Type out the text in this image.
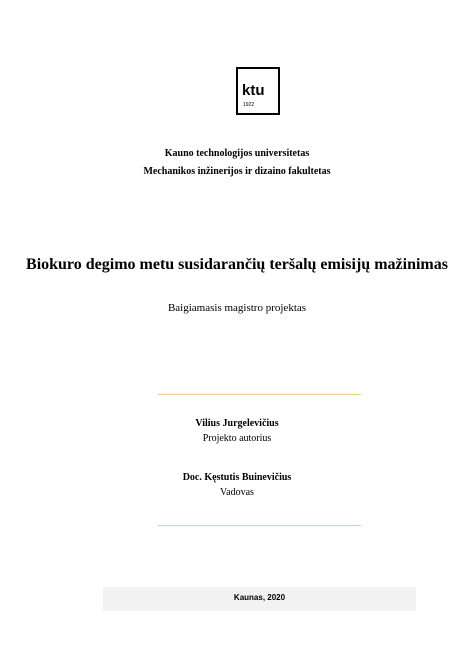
ktu
1922
Kauno technologijos universitetas
Mechanikos inžinerijos ir dizaino fakultetas
Biokuro degimo metu susidarančių teršalų emisijų mažinimas
Baigiamasis magistro projektas
Vilius Jurgelevičius
Projekto autorius
Doc. Kęstutis Buinevičius
Vadovas
Kaunas, 2020
